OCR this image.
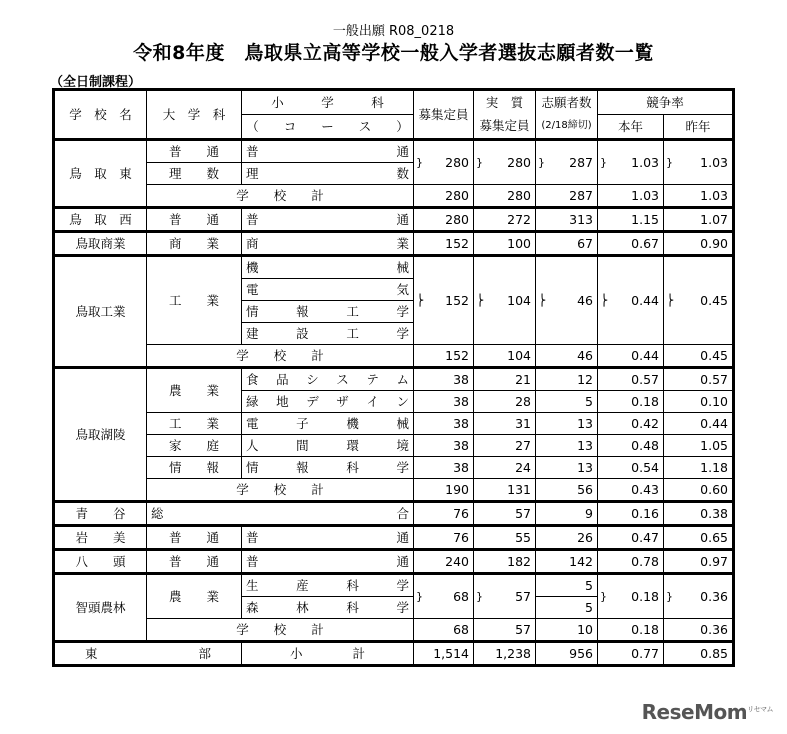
一般出願 R08_0218
令和8年度　鳥取県立高等学校一般入学者選抜志願者数一覧
（全日制課程）
学　校　名	大　学　科	小　　　学　　　科	募集定員	実　質	志願者数	競争率	
		（　　コ　　ー　　ス　　）		募集定員	(2/18締切)	本年	昨年
鳥　取　東	普　　通	普　　　　　　　　　　通	} 280	} 280	} 287	} 1.03	} 1.03
	理　　数	理　　　　　　　　　　数					
	学　　校　　計		280	280	287	1.03	1.03
鳥　取　西	普　　通	普　　　　　　　　　　通	280	272	313	1.15	1.07
鳥取商業	商　　業	商　　　　　　　　　　業	152	100	67	0.67	0.90
鳥取工業	工　　業	機　　　　　　　　　　械	⎬ 152	⎬ 104	⎬ 46	⎬ 0.44	⎬ 0.45
		電　　　　　　　　　　気					
		情　　報　　工　　学					
		建　　設　　工　　学					
	学　　校　　計		152	104	46	0.44	0.45
鳥取湖陵	農　　業	食　品　シ　ス　テ　ム	38	21	12	0.57	0.57
		緑　地　デ　ザ　イ　ン	38	28	5	0.18	0.10
	工　　業	電　　子　　機　　械	38	31	13	0.42	0.44
	家　　庭	人　　間　　環　　境	38	27	13	0.48	1.05
	情　　報	情　　報　　科　　学	38	24	13	0.54	1.18
	学　　校　　計		190	131	56	0.43	0.60
青　　谷	総　　　　　　　　　　　　　　　　合		76	57	9	0.16	0.38
岩　　美	普　　通	普　　　　　　　　　　通	76	55	26	0.47	0.65
八　　頭	普　　通	普　　　　　　　　　　通	240	182	142	0.78	0.97
智頭農林	農　　業	生　　産　　科　　学	} 68	} 57	5	} 0.18	} 0.36
		森　　林　　科　　学			5		
	学　　校　　計		68	57	10	0.18	0.36
東　　　部		小　　　　計	1,514	1,238	956	0.77	0.85
ReseMom$^{リセマム}$
